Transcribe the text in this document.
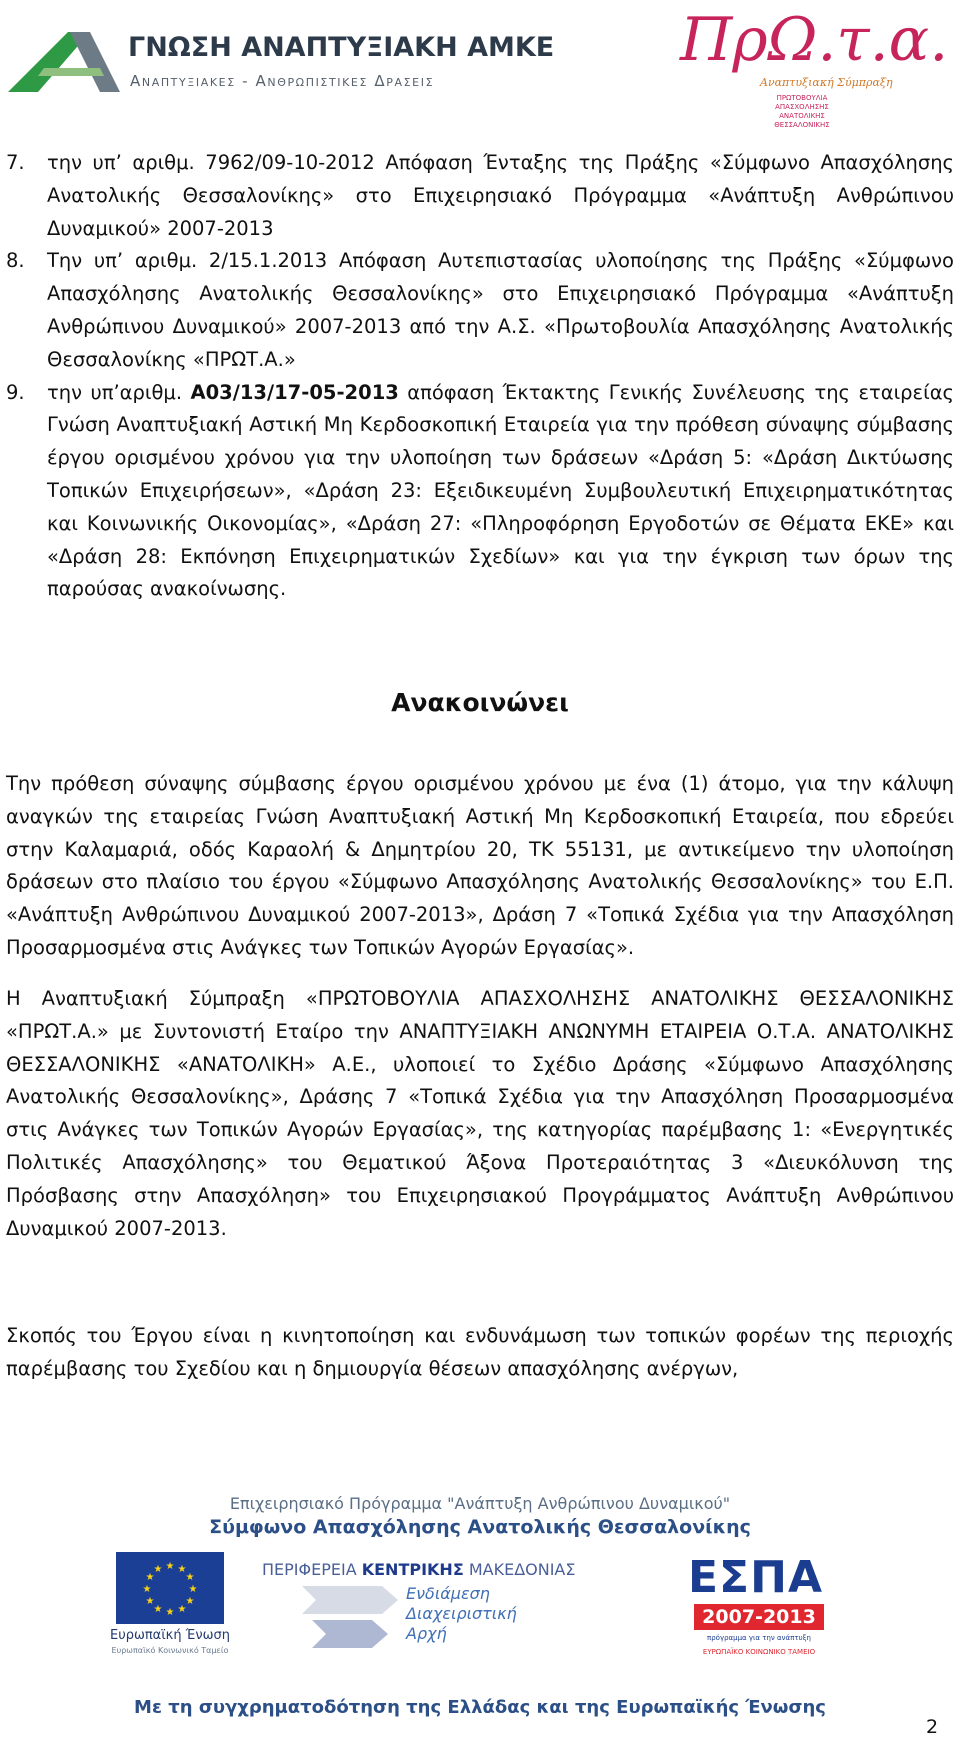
ΓΝΩΣΗ ΑΝΑΠΤΥΞΙΑΚΗ ΑΜΚΕ
Αναπτυξιακες - Ανθρωπιστικες Δρασεις
ΠρΩ.τ.α.
Αναπτυξιακή Σύμπραξη
ΠΡΩΤΟΒΟΥΛΙΑ ΑΠΑΣΧΟΛΗΣΗΣ ΑΝΑΤΟΛΙΚΗΣ ΘΕΣΣΑΛΟΝΙΚΗΣ
7.	την υπ’ αριθμ. 7962/09-10-2012 Απόφαση Ένταξης της Πράξης «Σύμφωνο Απασχόλησης Ανατολικής Θεσσαλονίκης» στο Επιχειρησιακό Πρόγραμμα «Ανάπτυξη Ανθρώπινου Δυναμικού» 2007-2013
8.	Την υπ’ αριθμ. 2/15.1.2013 Απόφαση Αυτεπιστασίας υλοποίησης της Πράξης «Σύμφωνο Απασχόλησης Ανατολικής Θεσσαλονίκης» στο Επιχειρησιακό Πρόγραμμα «Ανάπτυξη Ανθρώπινου Δυναμικού» 2007-2013 από την Α.Σ. «Πρωτοβουλία Απασχόλησης Ανατολικής Θεσσαλονίκης «ΠΡΩΤ.Α.»
9.	την υπ’αριθμ. Α03/13/17-05-2013 απόφαση Έκτακτης Γενικής Συνέλευσης της εταιρείας Γνώση Αναπτυξιακή Αστική Μη Κερδοσκοπική Εταιρεία για την πρόθεση σύναψης σύμβασης έργου ορισμένου χρόνου για την υλοποίηση των δράσεων «Δράση 5: «Δράση Δικτύωσης Τοπικών Επιχειρήσεων», «Δράση 23: Εξειδικευμένη Συμβουλευτική Επιχειρηματικότητας και Κοινωνικής Οικονομίας», «Δράση 27: «Πληροφόρηση Εργοδοτών σε Θέματα ΕΚΕ» και «Δράση 28: Εκπόνηση Επιχειρηματικών Σχεδίων» και για την έγκριση των όρων της παρούσας ανακοίνωσης.
Ανακοινώνει

Την πρόθεση σύναψης σύμβασης έργου ορισμένου χρόνου με ένα (1) άτομο, για την κάλυψη αναγκών της εταιρείας Γνώση Αναπτυξιακή Αστική Μη Κερδοσκοπική Εταιρεία, που εδρεύει στην Καλαμαριά, οδός Καραολή & Δημητρίου 20, ΤΚ 55131, με αντικείμενο την υλοποίηση δράσεων στο πλαίσιο του έργου «Σύμφωνο Απασχόλησης Ανατολικής Θεσσαλονίκης» του Ε.Π. «Ανάπτυξη Ανθρώπινου Δυναμικού 2007-2013», Δράση 7 «Τοπικά Σχέδια για την Απασχόληση Προσαρμοσμένα στις Ανάγκες των Τοπικών Αγορών Εργασίας».

Η Αναπτυξιακή Σύμπραξη «ΠΡΩΤΟΒΟΥΛΙΑ ΑΠΑΣΧΟΛΗΣΗΣ ΑΝΑΤΟΛΙΚΗΣ ΘΕΣΣΑΛΟΝΙΚΗΣ «ΠΡΩΤ.Α.» με Συντονιστή Εταίρο την ΑΝΑΠΤΥΞΙΑΚΗ ΑΝΩΝΥΜΗ ΕΤΑΙΡΕΙΑ Ο.Τ.Α. ΑΝΑΤΟΛΙΚΗΣ ΘΕΣΣΑΛΟΝΙΚΗΣ «ΑΝΑΤΟΛΙΚΗ» Α.Ε., υλοποιεί το Σχέδιο Δράσης «Σύμφωνο Απασχόλησης Ανατολικής Θεσσαλονίκης», Δράσης 7 «Τοπικά Σχέδια για την Απασχόληση Προσαρμοσμένα στις Ανάγκες των Τοπικών Αγορών Εργασίας», της κατηγορίας παρέμβασης 1: «Ενεργητικές Πολιτικές Απασχόλησης» του Θεματικού Άξονα Προτεραιότητας 3 «Διευκόλυνση της Πρόσβασης στην Απασχόληση» του Επιχειρησιακού Προγράμματος Ανάπτυξη Ανθρώπινου Δυναμικού 2007-2013.

Σκοπός του Έργου είναι η κινητοποίηση και ενδυνάμωση των τοπικών φορέων της περιοχής παρέμβασης του Σχεδίου και η δημιουργία θέσεων απασχόλησης ανέργων,

Επιχειρησιακό Πρόγραμμα "Ανάπτυξη Ανθρώπινου Δυναμικού"
Σύμφωνο Απασχόλησης Ανατολικής Θεσσαλονίκης
★ ★
★
★
★
★
★
★
★
★
★
★
Ευρωπαϊκή Ένωση
Ευρωπαϊκό Κοινωνικό Ταμείο
ΠΕΡΙΦΕΡΕΙΑ ΚΕΝΤΡΙΚΗΣ ΜΑΚΕΔΟΝΙΑΣ
Ενδιάμεση
Διαχειριστική
Αρχή
ΕΣΠΑ
2007-2013
πρόγραμμα για την ανάπτυξη
ΕΥΡΩΠΑΪΚΟ ΚΟΙΝΩΝΙΚΟ ΤΑΜΕΙΟ
Με τη συγχρηματοδότηση της Ελλάδας και της Ευρωπαϊκής Ένωσης
2
